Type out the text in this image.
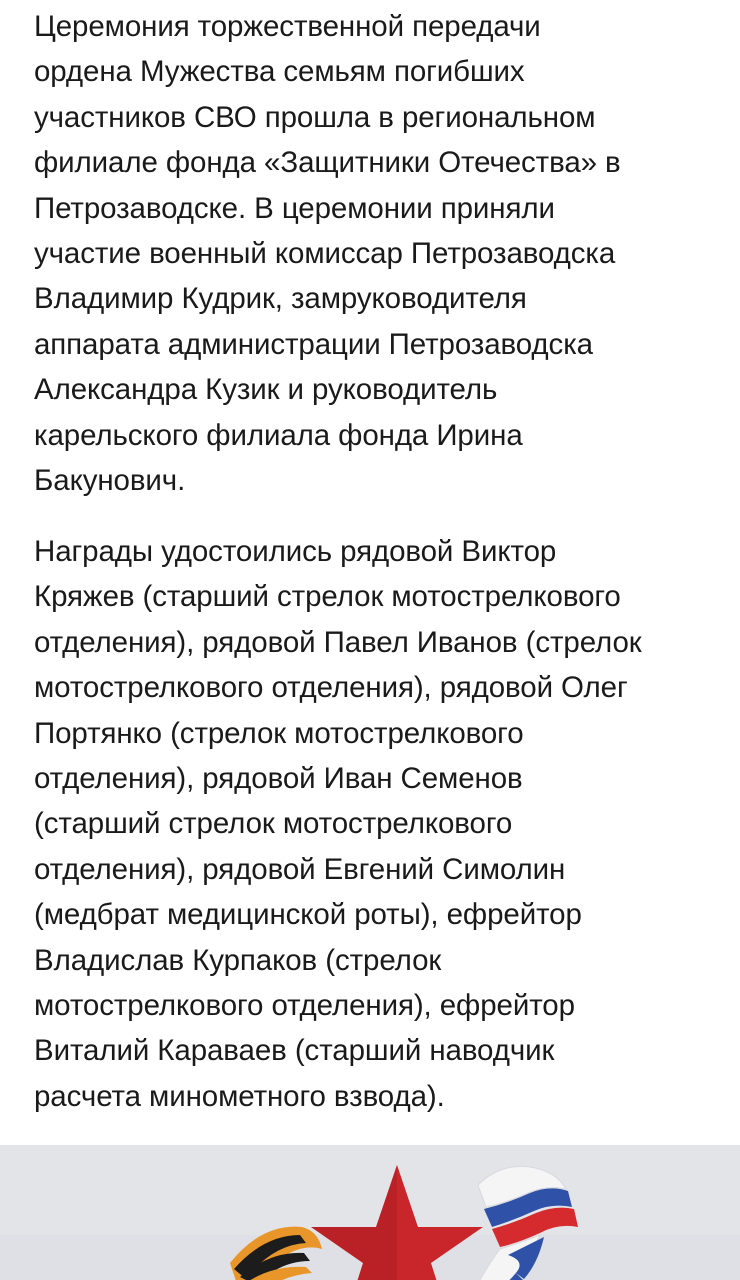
Церемония торжественной передачи
ордена Мужества семьям погибших
участников СВО прошла в региональном
филиале фонда «Защитники Отечества» в
Петрозаводске. В церемонии приняли
участие военный комиссар Петрозаводска
Владимир Кудрик, замруководителя
аппарата администрации Петрозаводска
Александра Кузик и руководитель
карельского филиала фонда Ирина
Бакунович.

Награды удостоились рядовой Виктор
Кряжев (старший стрелок мотострелкового
отделения), рядовой Павел Иванов (стрелок
мотострелкового отделения), рядовой Олег
Портянко (стрелок мотострелкового
отделения), рядовой Иван Семенов
(старший стрелок мотострелкового
отделения), рядовой Евгений Симолин
(медбрат медицинской роты), ефрейтор
Владислав Курпаков (стрелок
мотострелкового отделения), ефрейтор
Виталий Караваев (старший наводчик
расчета минометного взвода).
